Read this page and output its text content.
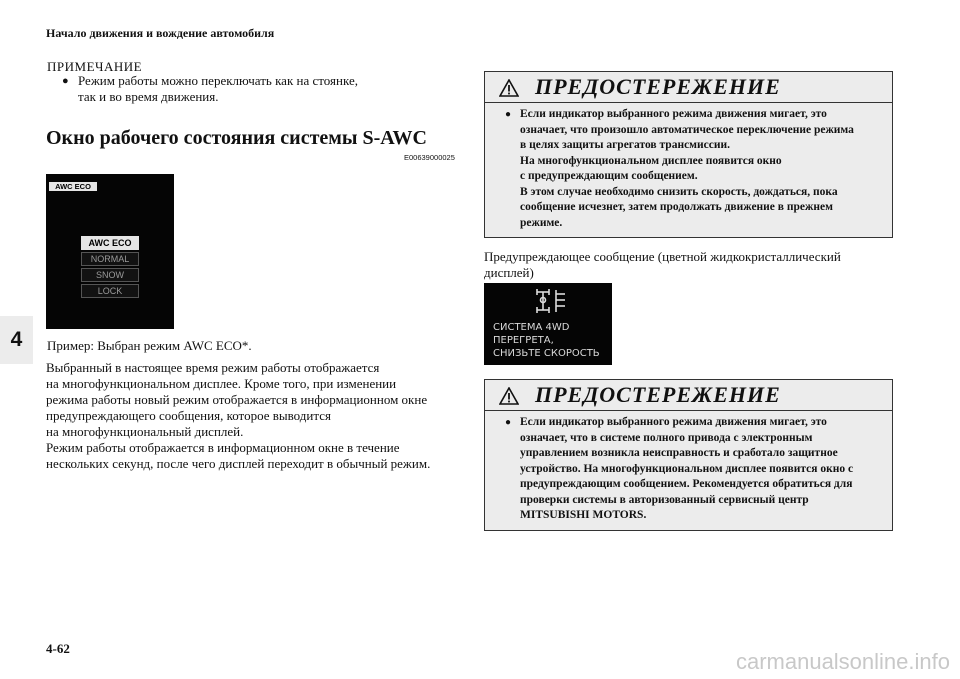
Начало движения и вождение автомобиля
4
ПРИМЕЧАНИЕ
● Режим работы можно переключать как на стоянке,
так и во время движения.
Окно рабочего состояния системы S-AWC
E00639000025
AWC ECO
AWC ECO
NORMAL
SNOW
LOCK
Пример: Выбран режим AWC ECO*.

Выбранный в настоящее время режим работы отображается

на многофункциональном дисплее. Кроме того, при изменении

режима работы новый режим отображается в информационном окне

предупреждающего сообщения, которое выводится

на многофункциональный дисплей.

Режим работы отображается в информационном окне в течение

нескольких секунд, после чего дисплей переходит в обычный режим.

ПРЕДОСТЕРЕЖЕНИЕ
● Если индикатор выбранного режима движения мигает, это

означает, что произошло автоматическое переключение режима

в целях защиты агрегатов трансмиссии.

На многофункциональном дисплее появится окно

с предупреждающим сообщением.

В этом случае необходимо снизить скорость, дождаться, пока

сообщение исчезнет, затем продолжать движение в прежнем

режиме.

Предупреждающее сообщение (цветной жидкокристаллический
дисплей)
СИСТЕМА 4WD
ПЕРЕГРЕТА,
СНИЗЬТЕ СКОРОСТЬ
ПРЕДОСТЕРЕЖЕНИЕ
● Если индикатор выбранного режима движения мигает, это

означает, что в системе полного привода с электронным

управлением возникла неисправность и сработало защитное

устройство. На многофункциональном дисплее появится окно с

предупреждающим сообщением. Рекомендуется обратиться для

проверки системы в авторизованный сервисный центр

MITSUBISHI MOTORS.

4-62
carmanualsonline.info
